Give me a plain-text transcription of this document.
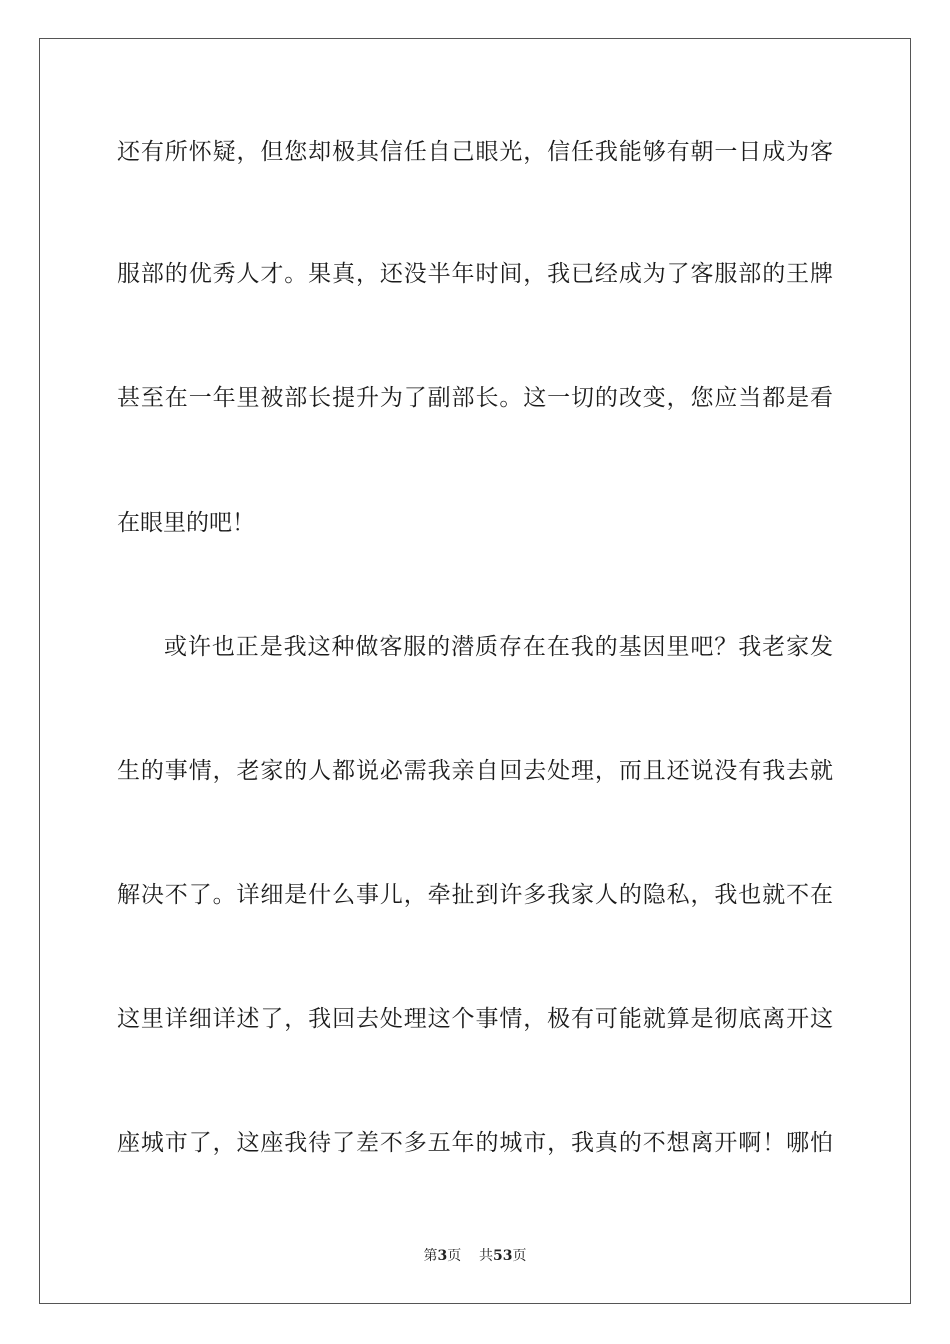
还有所怀疑，但您却极其信任自己眼光，信任我能够有朝一日成为客
服部的优秀人才。果真，还没半年时间，我已经成为了客服部的王牌
甚至在一年里被部长提升为了副部长。这一切的改变，您应当都是看
在眼里的吧！
或许也正是我这种做客服的潜质存在在我的基因里吧？我老家发
生的事情，老家的人都说必需我亲自回去处理，而且还说没有我去就
解决不了。详细是什么事儿，牵扯到许多我家人的隐私，我也就不在
这里详细详述了，我回去处理这个事情，极有可能就算是彻底离开这
座城市了，这座我待了差不多五年的城市，我真的不想离开啊！哪怕
第3页 共53页
